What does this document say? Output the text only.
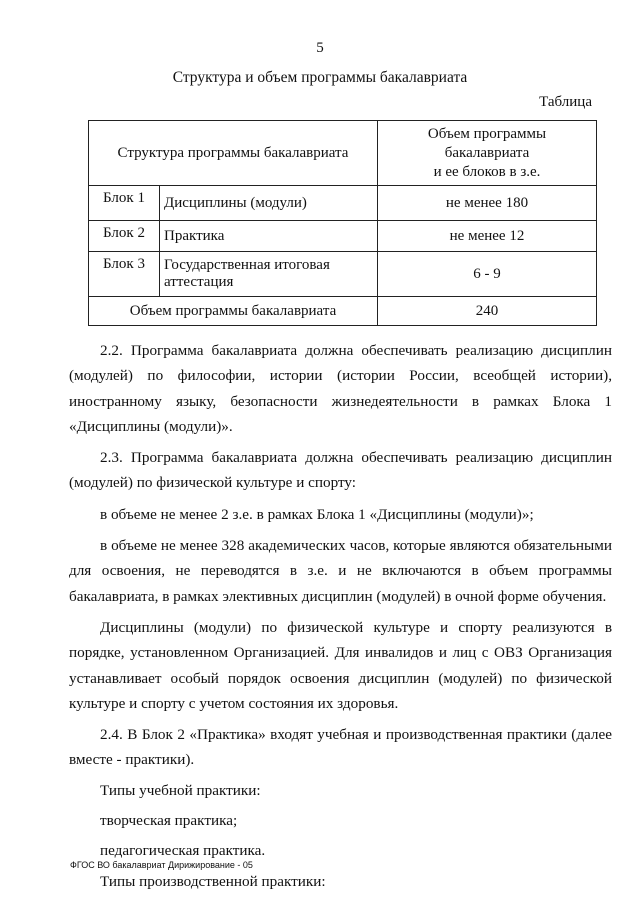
5
Структура и объем программы бакалавриата
Таблица
Структура программы бакалавриата		Объем программы
бакалавриата
и ее блоков в з.е.
Блок 1	Дисциплины (модули)	не менее 180
Блок 2	Практика	не менее 12
Блок 3	Государственная итоговая аттестация	6 - 9
Объем программы бакалавриата		240

2.2. Программа бакалавриата должна обеспечивать реализацию дисциплин (модулей) по философии, истории (истории России, всеобщей истории), иностранному языку, безопасности жизнедеятельности в рамках Блока 1 «Дисциплины (модули)».

2.3. Программа бакалавриата должна обеспечивать реализацию дисциплин (модулей) по физической культуре и спорту:

в объеме не менее 2 з.е. в рамках Блока 1 «Дисциплины (модули)»;

в объеме не менее 328 академических часов, которые являются обязательными для освоения, не переводятся в з.е. и не включаются в объем программы бакалавриата, в рамках элективных дисциплин (модулей) в очной форме обучения.

Дисциплины (модули) по физической культуре и спорту реализуются в порядке, установленном Организацией. Для инвалидов и лиц с ОВЗ Организация устанавливает особый порядок освоения дисциплин (модулей) по физической культуре и спорту с учетом состояния их здоровья.

2.4. В Блок 2 «Практика» входят учебная и производственная практики (далее вместе - практики).

Типы учебной практики:

творческая практика;

педагогическая практика.

Типы производственной практики:

ФГОС ВО бакалавриат Дирижирование - 05
